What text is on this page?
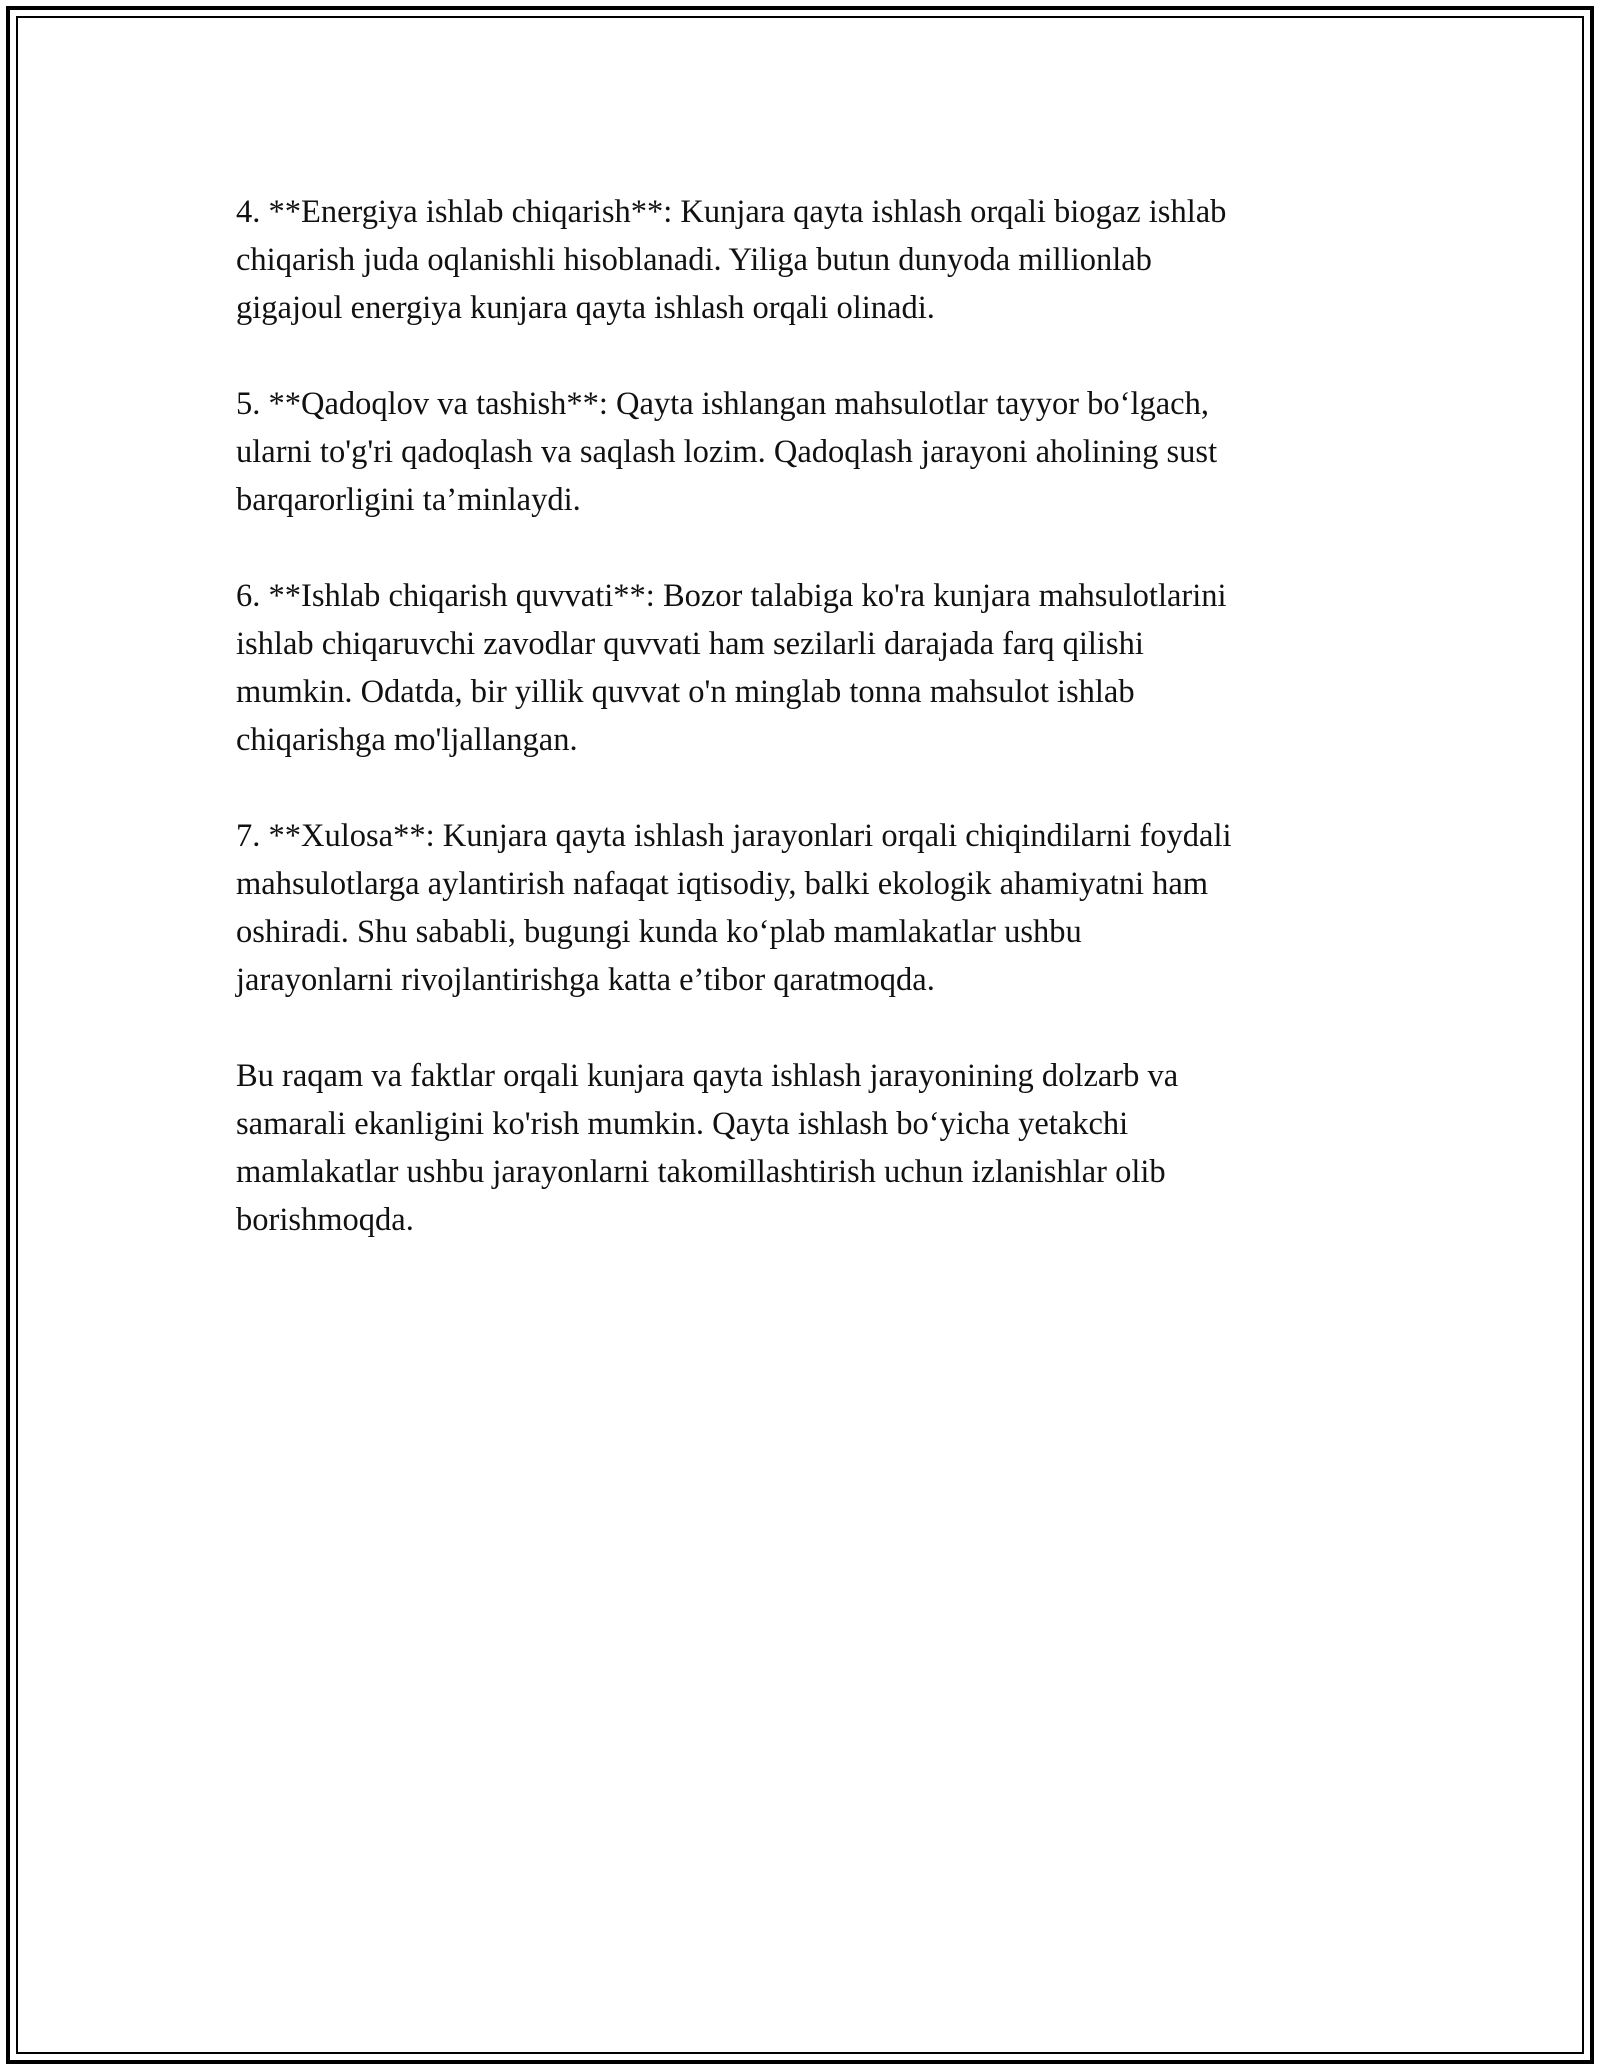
4. **Energiya ishlab chiqarish**: Kunjara qayta ishlash orqali biogaz ishlab
chiqarish juda oqlanishli hisoblanadi. Yiliga butun dunyoda millionlab
gigajoul energiya kunjara qayta ishlash orqali olinadi.

5. **Qadoqlov va tashish**: Qayta ishlangan mahsulotlar tayyor bo‘lgach,
ularni to'g'ri qadoqlash va saqlash lozim. Qadoqlash jarayoni aholining sust
barqarorligini ta’minlaydi.

6. **Ishlab chiqarish quvvati**: Bozor talabiga ko'ra kunjara mahsulotlarini
ishlab chiqaruvchi zavodlar quvvati ham sezilarli darajada farq qilishi
mumkin. Odatda, bir yillik quvvat o'n minglab tonna mahsulot ishlab
chiqarishga mo'ljallangan.

7. **Xulosa**: Kunjara qayta ishlash jarayonlari orqali chiqindilarni foydali
mahsulotlarga aylantirish nafaqat iqtisodiy, balki ekologik ahamiyatni ham
oshiradi. Shu sababli, bugungi kunda ko‘plab mamlakatlar ushbu
jarayonlarni rivojlantirishga katta e’tibor qaratmoqda.

Bu raqam va faktlar orqali kunjara qayta ishlash jarayonining dolzarb va
samarali ekanligini ko'rish mumkin. Qayta ishlash bo‘yicha yetakchi
mamlakatlar ushbu jarayonlarni takomillashtirish uchun izlanishlar olib
borishmoqda.
